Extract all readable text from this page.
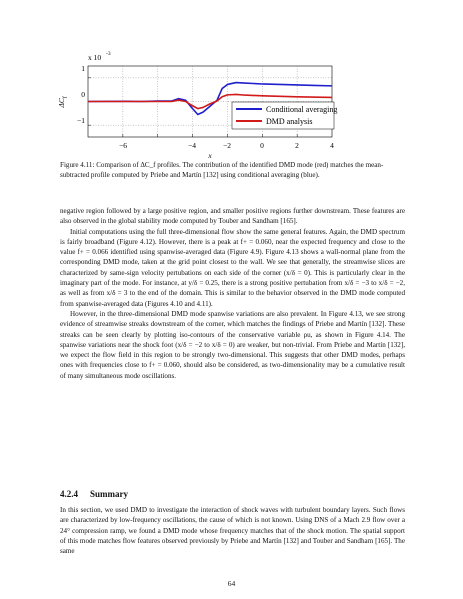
x 10 -3
$\Delta C_f$
1
0
−1
−6	−4	−2	0	2	4
x
Conditional averaging
DMD analysis
Figure 4.11: Comparison of ΔC_f profiles. The contribution of the identified DMD mode (red) matches the mean-subtracted profile computed by Priebe and Martín [132] using conditional averaging (blue).

negative region followed by a large positive region, and smaller positive regions further downstream. These features are also observed in the global stability mode computed by Touber and Sandham [165].

Initial computations using the full three-dimensional flow show the same general features. Again, the DMD spectrum is fairly broadband (Figure 4.12). However, there is a peak at f+ = 0.060, near the expected frequency and close to the value f+ = 0.066 identified using spanwise-averaged data (Figure 4.9). Figure 4.13 shows a wall-normal plane from the corresponding DMD mode, taken at the grid point closest to the wall. We see that generally, the streamwise slices are characterized by same-sign velocity pertubations on each side of the corner (x/δ = 0). This is particularly clear in the imaginary part of the mode. For instance, at y/δ = 0.25, there is a strong positive pertubation from x/δ = −3 to x/δ = −2, as well as from x/δ = 3 to the end of the domain. This is similar to the behavior observed in the DMD mode computed from spanwise-averaged data (Figures 4.10 and 4.11).

However, in the three-dimensional DMD mode spanwise variations are also prevalent. In Figure 4.13, we see strong evidence of streamwise streaks downstream of the corner, which matches the findings of Priebe and Martín [132]. These streaks can be seen clearly by plotting iso-contours of the conservative variable ρu, as shown in Figure 4.14. The spanwise variations near the shock foot (x/δ = −2 to x/δ = 0) are weaker, but non-trivial. From Priebe and Martín [132], we expect the flow field in this region to be strongly two-dimensional. This suggests that other DMD modes, perhaps ones with frequencies close to f+ = 0.060, should also be considered, as two-dimensionality may be a cumulative result of many simultaneous mode oscillations.

4.2.4 Summary

In this section, we used DMD to investigate the interaction of shock waves with turbulent boundary layers. Such flows are characterized by low-frequency oscillations, the cause of which is not known. Using DNS of a Mach 2.9 flow over a 24° compression ramp, we found a DMD mode whose frequency matches that of the shock motion. The spatial support of this mode matches flow features observed previously by Priebe and Martín [132] and Touber and Sandham [165]. The same

64
